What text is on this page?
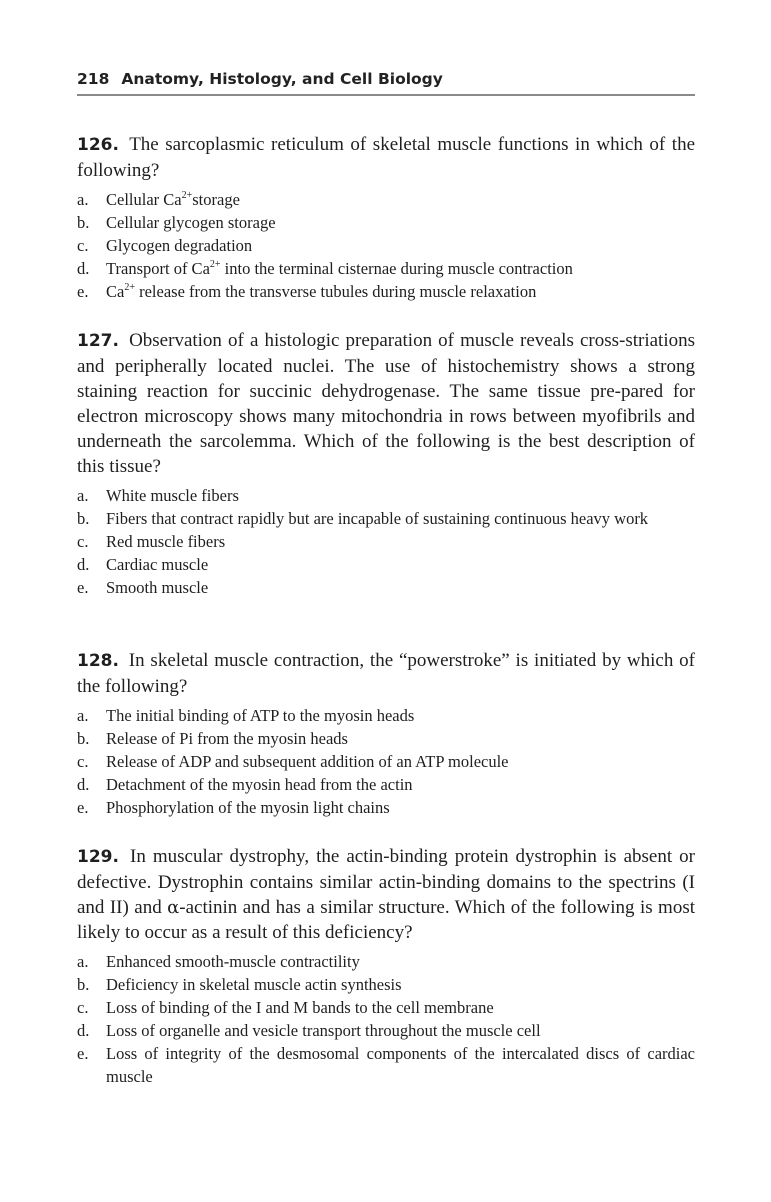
218 Anatomy, Histology, and Cell Biology

126. The sarcoplasmic reticulum of skeletal muscle functions in which of the following?

a. Cellular $Ca^{2+}storage$
b. Cellular glycogen storage
c. Glycogen degradation
d. Transport of $Ca^{2+}$ into the terminal cisternae during muscle contraction
e. $Ca^{2+}$ release from the transverse tubules during muscle relaxation

127. Observation of a histologic preparation of muscle reveals cross-striations and peripherally located nuclei. The use of histochemistry shows a strong staining reaction for succinic dehydrogenase. The same tissue pre-pared for electron microscopy shows many mitochondria in rows between myofibrils and underneath the sarcolemma. Which of the following is the best description of this tissue?

a. White muscle fibers
b. Fibers that contract rapidly but are incapable of sustaining continuous heavy work
c. Red muscle fibers
d. Cardiac muscle
e. Smooth muscle

128. In skeletal muscle contraction, the “powerstroke” is initiated by which of the following?

a. The initial binding of ATP to the myosin heads
b. Release of Pi from the myosin heads
c. Release of ADP and subsequent addition of an ATP molecule
d. Detachment of the myosin head from the actin
e. Phosphorylation of the myosin light chains

129. In muscular dystrophy, the actin-binding protein dystrophin is absent or defective. Dystrophin contains similar actin-binding domains to the spectrins (I and II) and α-actinin and has a similar structure. Which of the following is most likely to occur as a result of this deficiency?

a. Enhanced smooth-muscle contractility
b. Deficiency in skeletal muscle actin synthesis
c. Loss of binding of the I and M bands to the cell membrane
d. Loss of organelle and vesicle transport throughout the muscle cell
e. Loss of integrity of the desmosomal components of the intercalated discs of cardiac muscle
